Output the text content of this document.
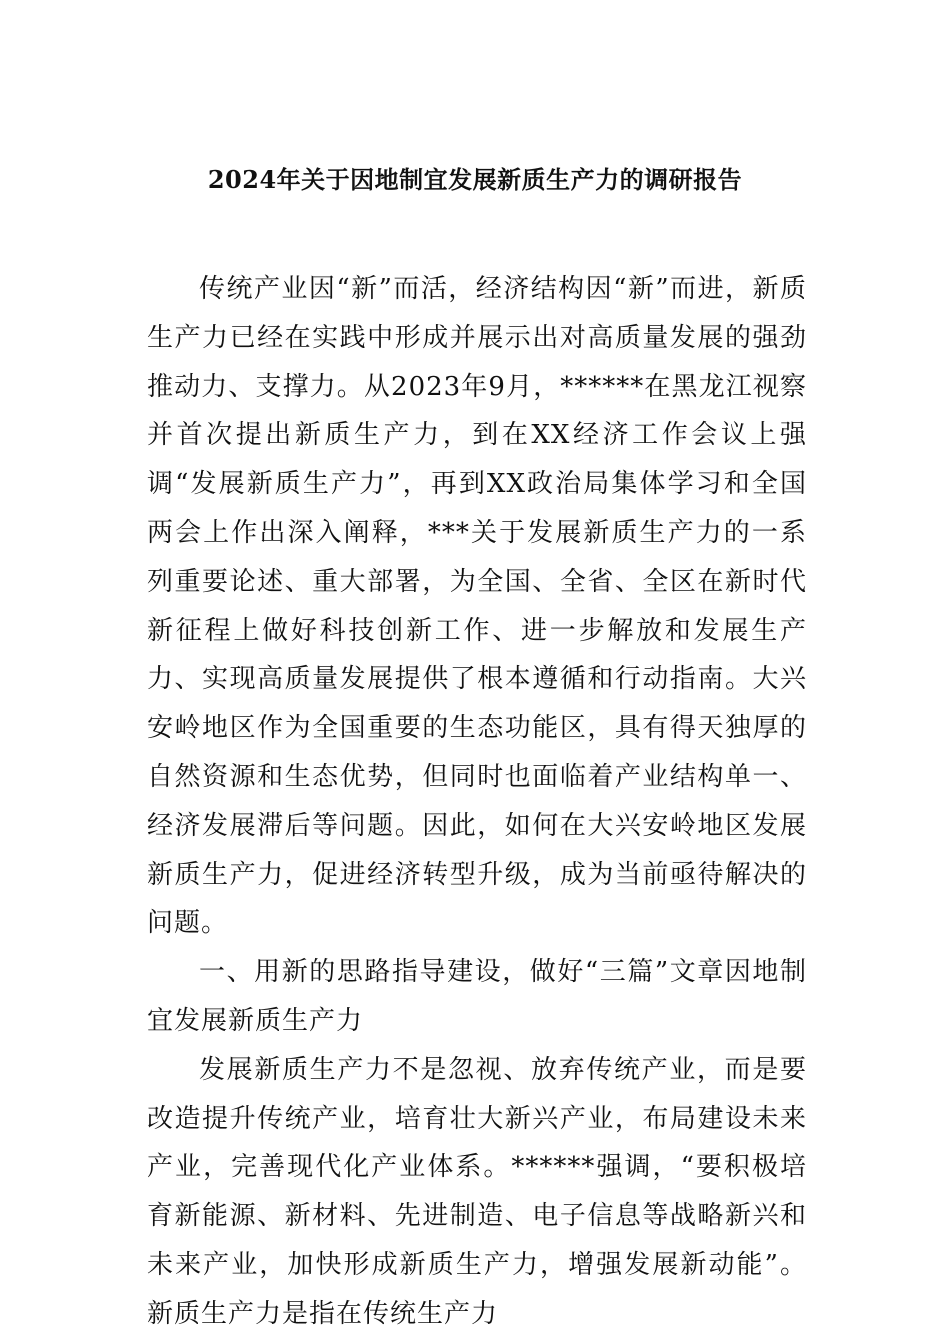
2024年关于因地制宜发展新质生产力的调研报告

传统产业因“新”而活，经济结构因“新”而进，新质生产力已经在实践中形成并展示出对高质量发展的强劲推动力、支撑力。从2023年9月，******在黑龙江视察并首次提出新质生产力，到在XX经济工作会议上强调“发展新质生产力”，再到XX政治局集体学习和全国两会上作出深入阐释，***关于发展新质生产力的一系列重要论述、重大部署，为全国、全省、全区在新时代新征程上做好科技创新工作、进一步解放和发展生产力、实现高质量发展提供了根本遵循和行动指南。大兴安岭地区作为全国重要的生态功能区，具有得天独厚的自然资源和生态优势，但同时也面临着产业结构单一、经济发展滞后等问题。因此，如何在大兴安岭地区发展新质生产力，促进经济转型升级，成为当前亟待解决的问题。

一、用新的思路指导建设，做好“三篇”文章因地制宜发展新质生产力

发展新质生产力不是忽视、放弃传统产业，而是要改造提升传统产业，培育壮大新兴产业，布局建设未来产业，完善现代化产业体系。******强调，“要积极培育新能源、新材料、先进制造、电子信息等战略新兴和未来产业，加快形成新质生产力，增强发展新动能”。新质生产力是指在传统生产力
